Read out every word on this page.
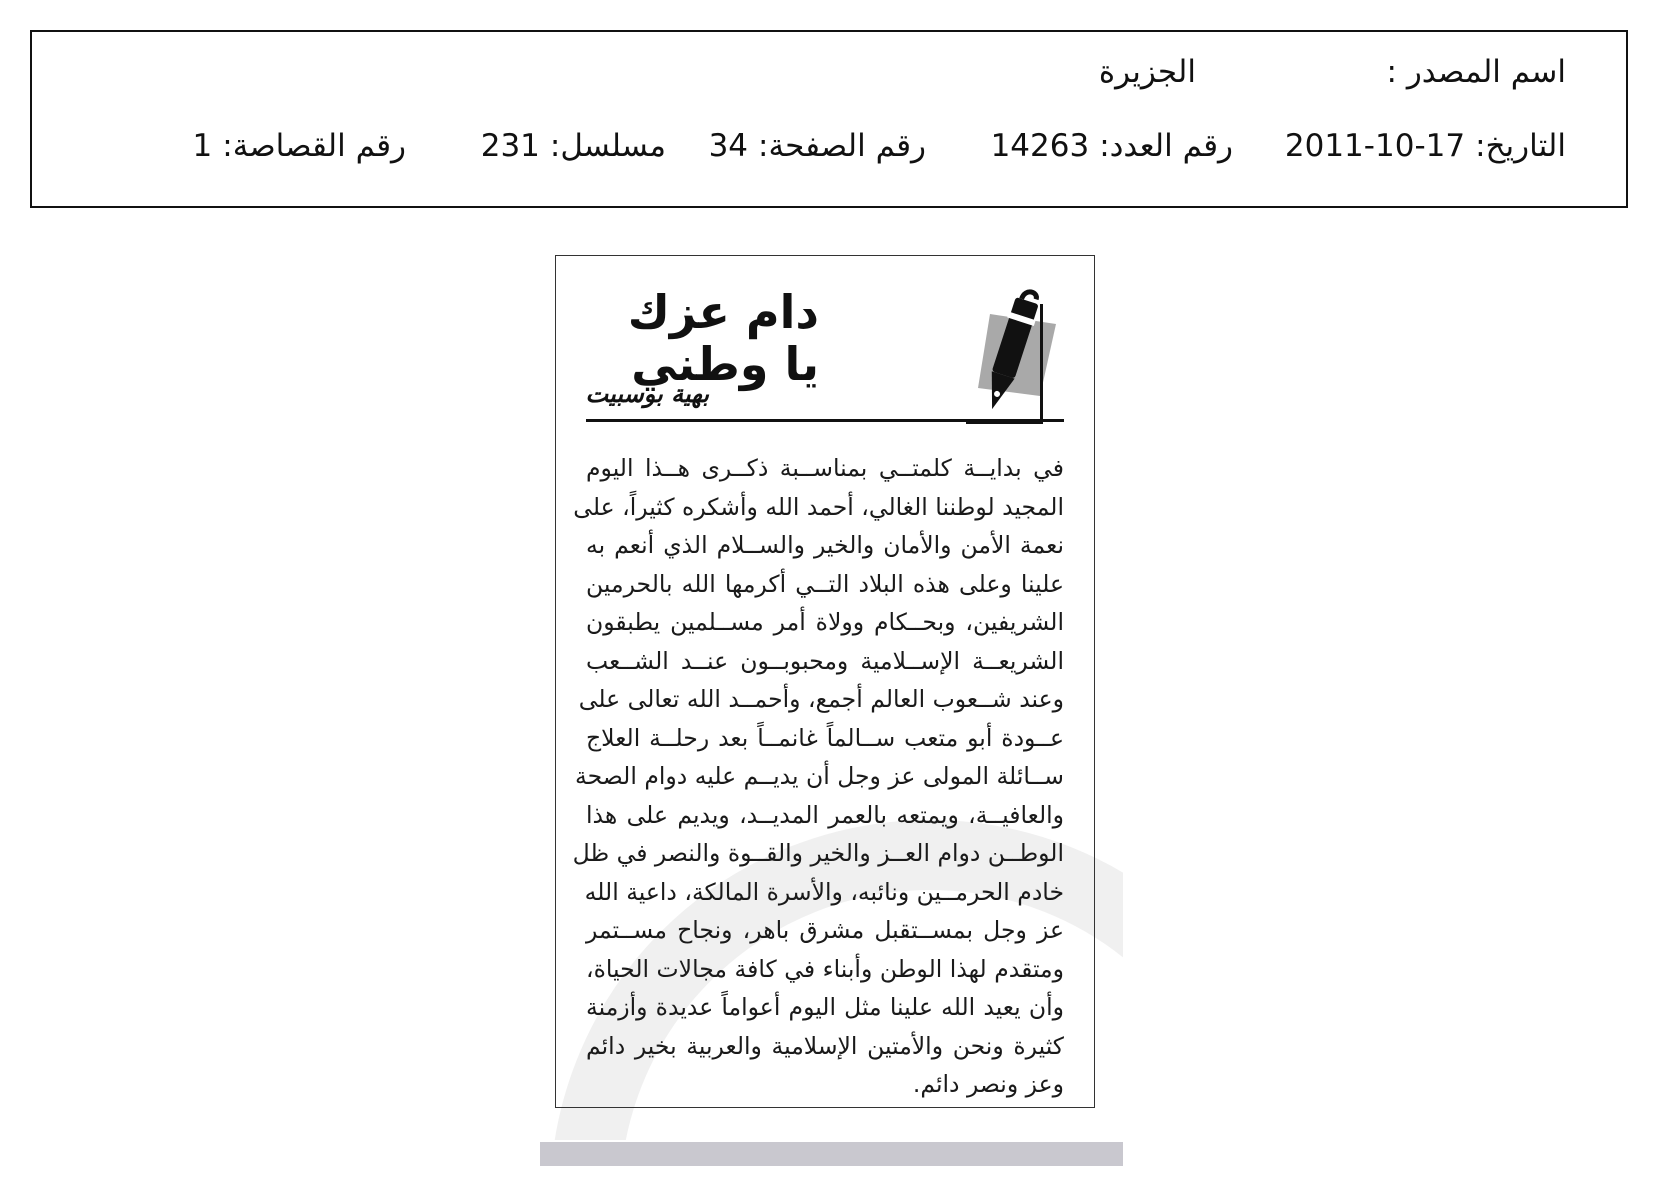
اسم المصدر :
الجزيرة
التاريخ:17-10-2011
رقم العدد:14263
رقم الصفحة:34
مسلسل:231
رقم القصاصة:1
دام عزك يا وطني
بهية بوسبيت
في بدايــة كلمتــي بمناســبة ذكــرى هــذا اليوم
المجيد لوطننا الغالي، أحمد الله وأشكره كثيراً، على
نعمة الأمن والأمان والخير والســلام الذي أنعم به
علينا وعلى هذه البلاد التــي أكرمها الله بالحرمين
الشريفين، وبحــكام وولاة أمر مســلمين يطبقون
الشريعــة الإســلامية ومحبوبــون عنــد الشــعب
وعند شــعوب العالم أجمع، وأحمــد الله تعالى على
عــودة أبو متعب ســالماً غانمــاً بعد رحلــة العلاج
ســائلة المولى عز وجل أن يديــم عليه دوام الصحة
والعافيــة، ويمتعه بالعمر المديــد، ويديم على هذا
الوطــن دوام العــز والخير والقــوة والنصر في ظل
خادم الحرمــين ونائبه، والأسرة المالكة، داعية الله
عز وجل بمســتقبل مشرق باهر، ونجاح مســتمر
ومتقدم لهذا الوطن وأبناء في كافة مجالات الحياة،
وأن يعيد الله علينا مثل اليوم أعواماً عديدة وأزمنة
كثيرة ونحن والأمتين الإسلامية والعربية بخير دائم
وعز ونصر دائم.
